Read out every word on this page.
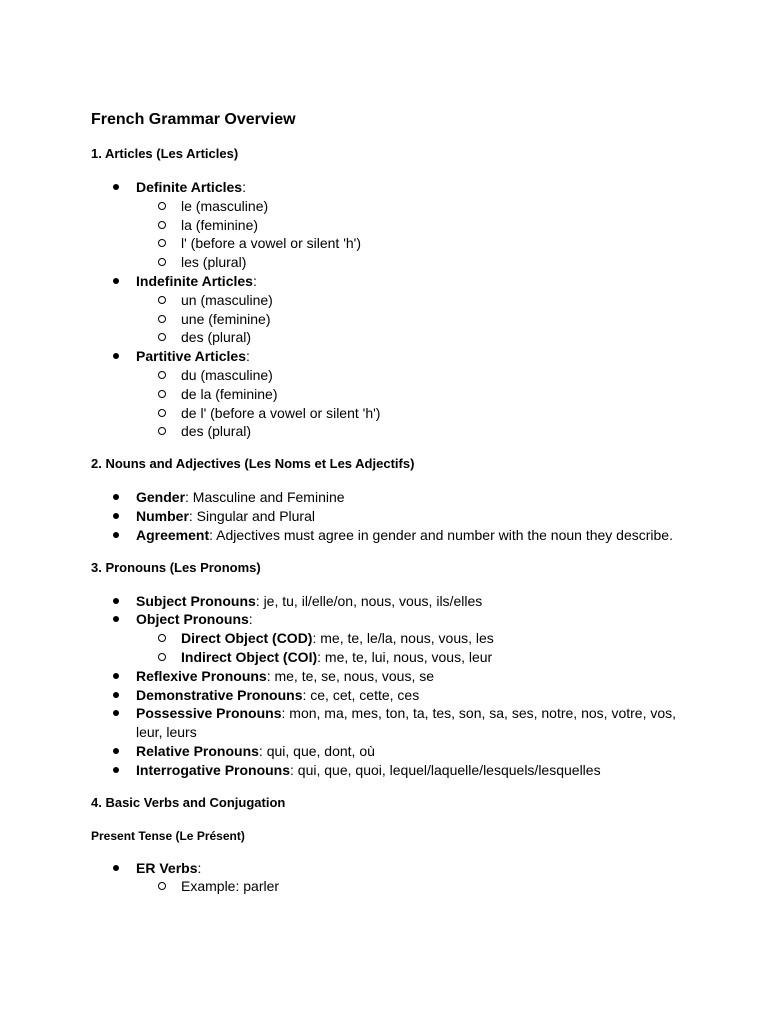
French Grammar Overview
1. Articles (Les Articles)
Definite Articles:
le (masculine)
la (feminine)
l' (before a vowel or silent 'h')
les (plural)
Indefinite Articles:
un (masculine)
une (feminine)
des (plural)
Partitive Articles:
du (masculine)
de la (feminine)
de l' (before a vowel or silent 'h')
des (plural)
2. Nouns and Adjectives (Les Noms et Les Adjectifs)
Gender: Masculine and Feminine
Number: Singular and Plural
Agreement: Adjectives must agree in gender and number with the noun they describe.
3. Pronouns (Les Pronoms)
Subject Pronouns: je, tu, il/elle/on, nous, vous, ils/elles
Object Pronouns:
Direct Object (COD): me, te, le/la, nous, vous, les
Indirect Object (COI): me, te, lui, nous, vous, leur
Reflexive Pronouns: me, te, se, nous, vous, se
Demonstrative Pronouns: ce, cet, cette, ces
Possessive Pronouns: mon, ma, mes, ton, ta, tes, son, sa, ses, notre, nos, votre, vos, leur, leurs
Relative Pronouns: qui, que, dont, où
Interrogative Pronouns: qui, que, quoi, lequel/laquelle/lesquels/lesquelles
4. Basic Verbs and Conjugation
Present Tense (Le Présent)
ER Verbs:
Example: parler
